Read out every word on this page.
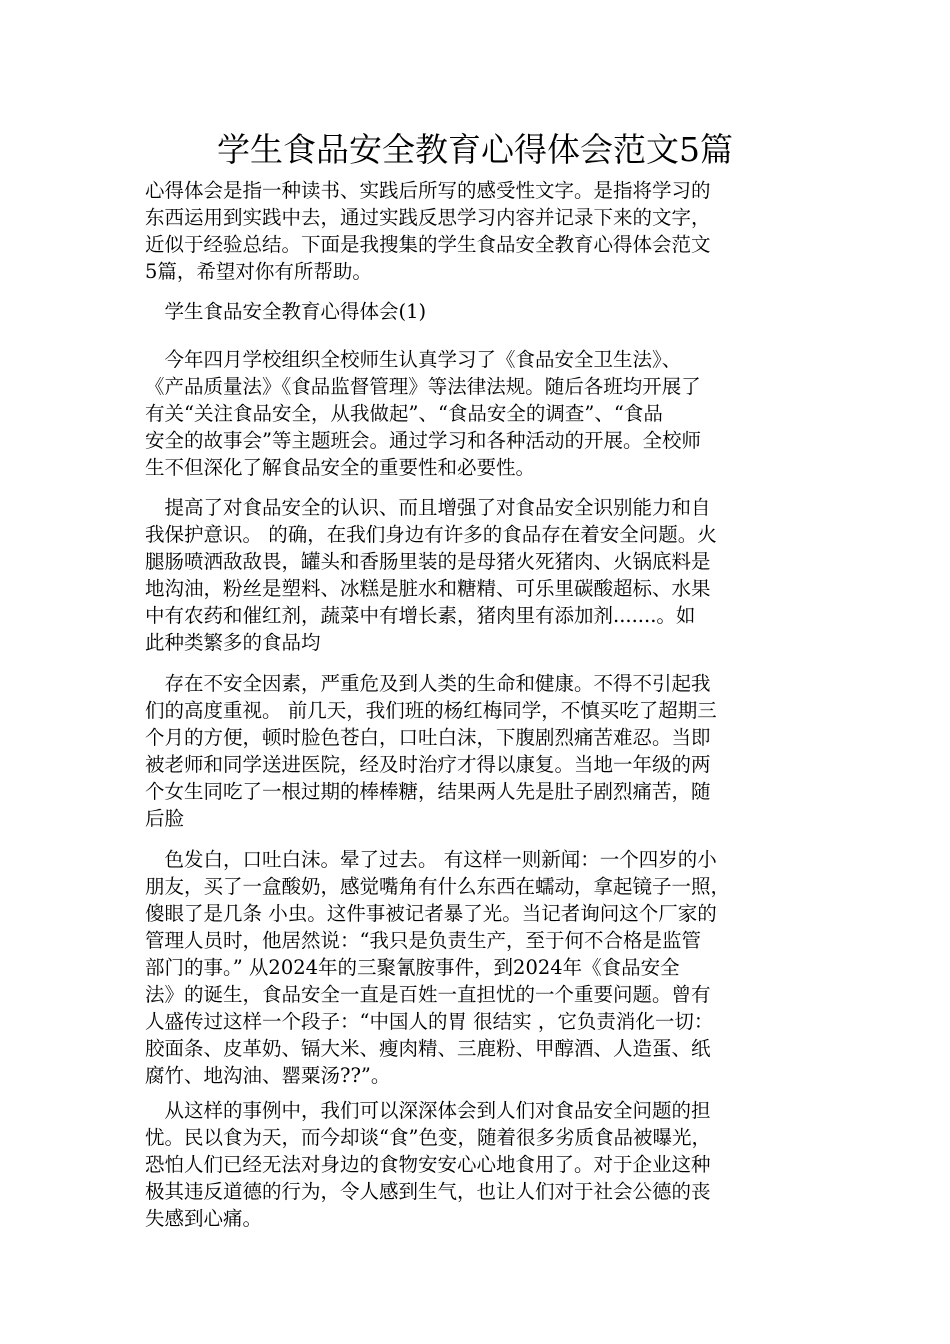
学生食品安全教育心得体会范文5篇
心得体会是指一种读书、实践后所写的感受性文字。是指将学习的
东西运用到实践中去，通过实践反思学习内容并记录下来的文字，
近似于经验总结。下面是我搜集的学生食品安全教育心得体会范文
5篇，希望对你有所帮助。
　学生食品安全教育心得体会(1)
　今年四月学校组织全校师生认真学习了《食品安全卫生法》、
《产品质量法》《食品监督管理》等法律法规。随后各班均开展了
有关“关注食品安全，从我做起”、“食品安全的调查”、“食品
安全的故事会”等主题班会。通过学习和各种活动的开展。全校师
生不但深化了解食品安全的重要性和必要性。
　提高了对食品安全的认识、而且增强了对食品安全识别能力和自
我保护意识。 的确，在我们身边有许多的食品存在着安全问题。火
腿肠喷洒敌敌畏，罐头和香肠里装的是母猪火死猪肉、火锅底料是
地沟油，粉丝是塑料、冰糕是脏水和糖精、可乐里碳酸超标、水果
中有农药和催红剂，蔬菜中有增长素，猪肉里有添加剂.......。如
此种类繁多的食品均
　存在不安全因素，严重危及到人类的生命和健康。不得不引起我
们的高度重视。 前几天，我们班的杨红梅同学，不慎买吃了超期三
个月的方便，顿时脸色苍白，口吐白沫，下腹剧烈痛苦难忍。当即
被老师和同学送进医院，经及时治疗才得以康复。当地一年级的两
个女生同吃了一根过期的棒棒糖，结果两人先是肚子剧烈痛苦，随
后脸
　色发白，口吐白沫。晕了过去。 有这样一则新闻：一个四岁的小
朋友，买了一盒酸奶，感觉嘴角有什么东西在蠕动，拿起镜子一照，
傻眼了是几条 小虫。这件事被记者暴了光。当记者询问这个厂家的
管理人员时，他居然说：“我只是负责生产，至于何不合格是监管
部门的事。” 从2024年的三聚氰胺事件，到2024年《食品安全
法》的诞生，食品安全一直是百姓一直担忧的一个重要问题。曾有
人盛传过这样一个段子：“中国人的胃 很结实 ，它负责消化一切：
胶面条、皮革奶、镉大米、瘦肉精、三鹿粉、甲醇酒、人造蛋、纸
腐竹、地沟油、罂粟汤??”。
　从这样的事例中，我们可以深深体会到人们对食品安全问题的担
忧。民以食为天，而今却谈“食”色变，随着很多劣质食品被曝光，
恐怕人们已经无法对身边的食物安安心心地食用了。对于企业这种
极其违反道德的行为，令人感到生气，也让人们对于社会公德的丧
失感到心痛。
